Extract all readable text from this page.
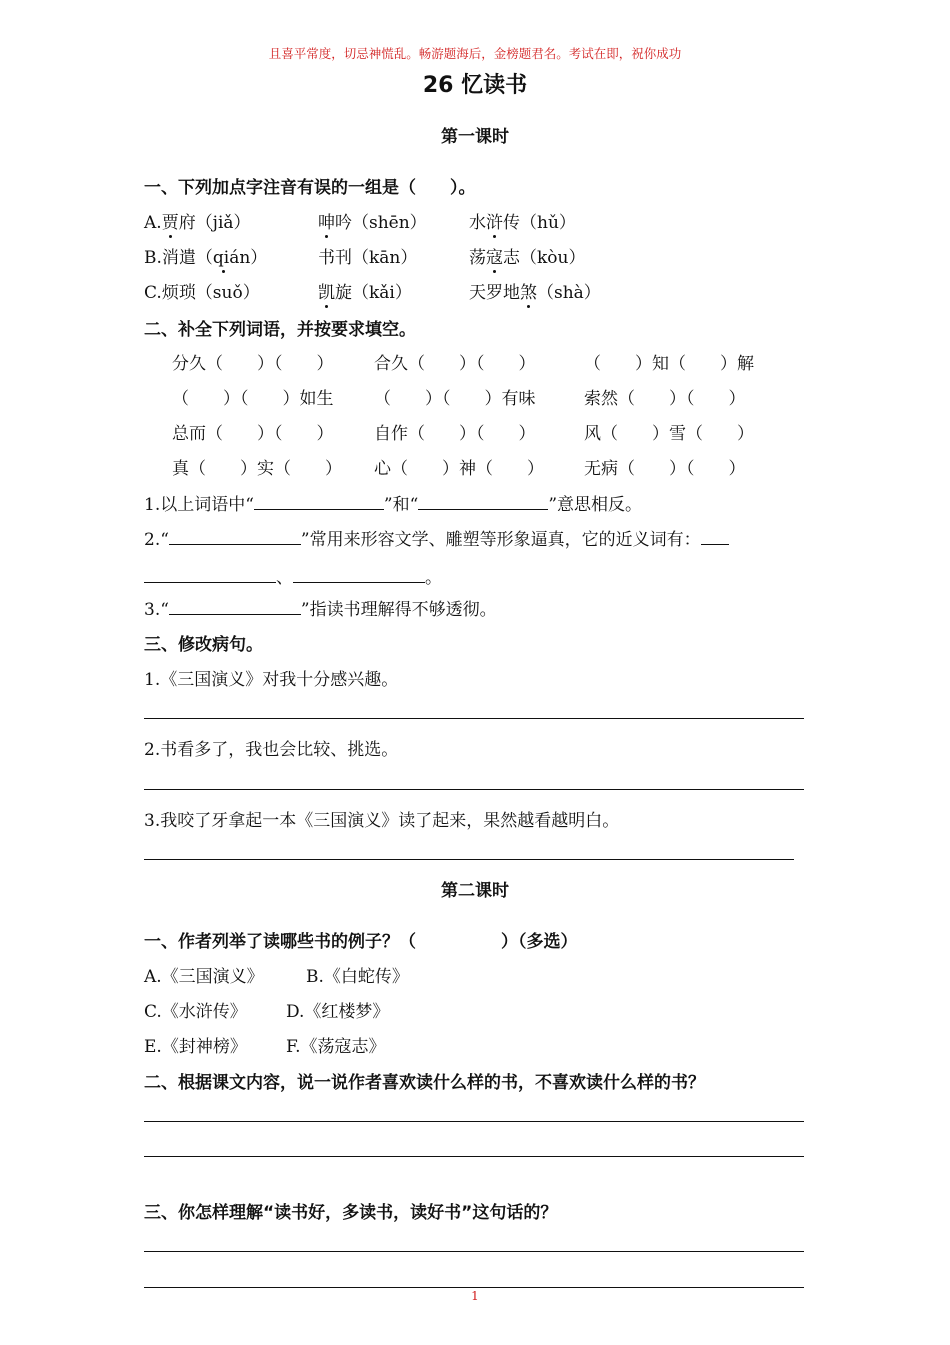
且喜平常度，切忌神慌乱。畅游题海后，金榜题君名。考试在即，祝你成功
26 忆读书
第一课时
一、下列加点字注音有误的一组是（　　）。
A.贾府（jiǎ）	呻吟（shēn） 水浒传（hǔ）
B.消遣（qián）	书刊（kān）	荡寇志（kòu）
C.烦琐（suǒ）	凯旋（kǎi）	天罗地煞（shà）
二、补全下列词语，并按要求填空。
分久（　　）（　　） 合久（　　）（　　）	（　　）知（　　）解
（　　）（　　）如生 （　　）（　　）有味	索然（　　）（　　）
总而（　　）（　　） 自作（　　）（　　）	风（　　）雪（　　）
真（　　）实（　　） 心（　　）神（　　） 无病（　　）（　　）
1.以上词语中“	”和“	”意思相反。
2.“	”常用来形容文学、雕塑等形象逼真，它的近义词有：
、	。
3.“	”指读书理解得不够透彻。
三、修改病句。
1.《三国演义》对我十分感兴趣。
2.书看多了，我也会比较、挑选。
3.我咬了牙拿起一本《三国演义》读了起来，果然越看越明白。
第二课时
一、作者列举了读哪些书的例子？（　　　　　）（多选）
A.《三国演义》 B.《白蛇传》
C.《水浒传》 D.《红楼梦》
E.《封神榜》 F.《荡寇志》
二、根据课文内容，说一说作者喜欢读什么样的书，不喜欢读什么样的书？
三、你怎样理解“读书好，多读书，读好书”这句话的？
1
